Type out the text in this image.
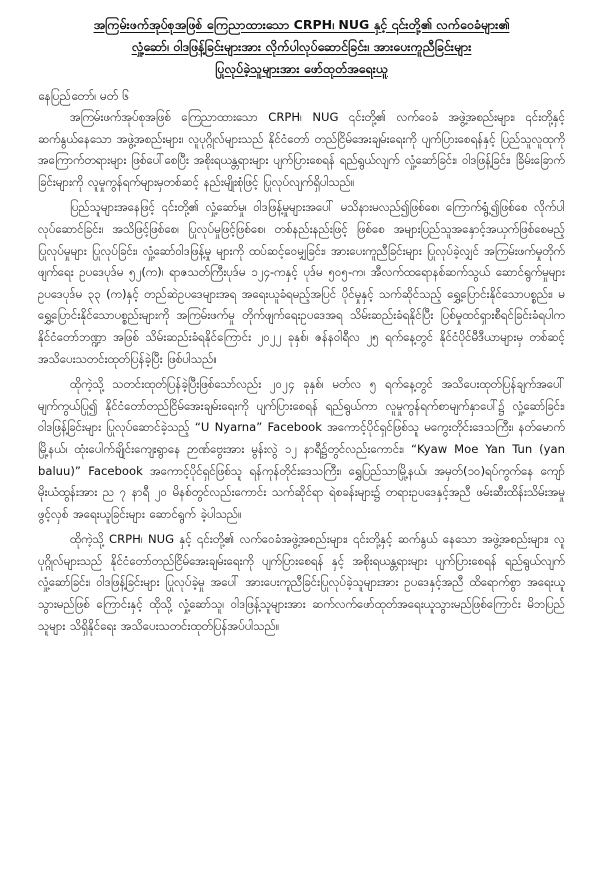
အကြမ်းဖက်အုပ်စုအဖြစ် ကြေညာထားသော CRPH၊ NUG နှင့် ၎င်းတို့၏ လက်ဝေခံများ၏
လှုံ့ဆော်၊ ဝါဒဖြန့်ခြင်းများအား လိုက်ပါလုပ်ဆောင်ခြင်း၊ အားပေးကူညီခြင်းများ
ပြုလုပ်ခဲ့သူများအား ဖော်ထုတ်အရေးယူ

နေပြည်တော်၊ မတ် ၆

အကြမ်းဖက်အုပ်စုအဖြစ် ကြေညာထားသော CRPH၊ NUG ၎င်းတို့၏ လက်ဝေခံ အဖွဲ့အစည်းများ၊ ၎င်းတို့နှင့် ဆက်နွယ်နေသော အဖွဲ့အစည်းများ၊ လူပုဂ္ဂိုလ်များသည် နိုင်ငံတော် တည်ငြိမ်အေးချမ်းရေးကို ပျက်ပြားစေရန်နှင့် ပြည်သူလူထုကို အကြောက်တရားများ ဖြစ်ပေါ်စေပြီး အစိုးရယန္တရားများ ပျက်ပြားစေရန် ရည်ရွယ်လျက် လှုံ့ဆော်ခြင်း၊ ဝါဒဖြန့်ခြင်း၊ ခြိမ်းခြောက်ခြင်းများကို လူမှုကွန်ရက်များမှတစ်ဆင့် နည်းမျိုးစုံဖြင့် ပြုလုပ်လျက်ရှိပါသည်။

ပြည်သူများအနေဖြင့် ၎င်းတို့၏ လှုံ့ဆော်မှု၊ ဝါဒဖြန့်မှုများအပေါ် မသိနားမလည်၍ဖြစ်စေ၊ ကြောက်ရွံ့၍ဖြစ်စေ လိုက်ပါလုပ်ဆောင်ခြင်း၊ အသိဖြင့်ဖြစ်စေ၊ ပြုလုပ်မှုဖြင့်ဖြစ်စေ၊ တစ်နည်းနည်းဖြင့် ဖြစ်စေ အများပြည်သူအနှောင့်အယှက်ဖြစ်စေမည့် ပြုလုပ်မှုများ ပြုလုပ်ခြင်း၊ လှုံ့ဆော်ဝါဒဖြန့်မှု များကို ထပ်ဆင့်ဝေမျှခြင်း၊ အားပေးကူညီခြင်းများ ပြုလုပ်ခဲ့လျှင် အကြမ်းဖက်မှုတိုက်ဖျက်ရေး ဥပဒေပုဒ်မ ၅၂(က)၊ ရာဇသတ်ကြီးပုဒ်မ ၁၂၄-ကနှင့် ပုဒ်မ ၅၀၅-က၊ အီလက်ထရောနစ်ဆက်သွယ် ဆောင်ရွက်မှုများဥပဒေပုဒ်မ ၃၃ (က)နှင့် တည်ဆဲဥပဒေများအရ အရေးယူခံရမည့်အပြင် ပိုင်မှုနှင့် သက်ဆိုင်သည့် ရွှေ့ပြောင်းနိုင်သောပစ္စည်း၊ မရွှေ့ပြောင်းနိုင်သောပစ္စည်းများကို အကြမ်းဖက်မှု တိုက်ဖျက်ရေးဥပဒေအရ သိမ်းဆည်းခံရနိုင်ပြီး ပြစ်မှုထင်ရှားစီရင်ခြင်းခံရပါက နိုင်ငံတော်ဘဏ္ဍာ အဖြစ် သိမ်းဆည်းခံရနိုင်ကြောင်း ၂၀၂၂ ခုနှစ်၊ ဇန်နဝါရီလ ၂၅ ရက်နေ့တွင် နိုင်ငံပိုင်မီဒီယာများမှ တစ်ဆင့် အသိပေးသတင်းထုတ်ပြန်ခဲ့ပြီး ဖြစ်ပါသည်။

ထိုကဲ့သို့ သတင်းထုတ်ပြန်ခဲ့ပြီးဖြစ်သော်လည်း ၂၀၂၄ ခုနှစ်၊ မတ်လ ၅ ရက်နေ့တွင် အသိပေးထုတ်ပြန်ချက်အပေါ် မျက်ကွယ်ပြု၍ နိုင်ငံတော်တည်ငြိမ်အေးချမ်းရေးကို ပျက်ပြားစေရန် ရည်ရွယ်ကာ လူမှုကွန်ရက်စာမျက်နှာပေါ်၌ လှုံ့ဆော်ခြင်း၊ ဝါဒဖြန့်ခြင်းများ ပြုလုပ်ဆောင်ခဲ့သည့် “U Nyarna” Facebook အကောင့်ပိုင်ရှင်ဖြစ်သူ မကွေးတိုင်းဒေသကြီး၊ နတ်မောက်မြို့နယ်၊ ထုံးပေါက်ချိုင်းကျေးရွာနေ ဉာဏ်ဗွေးအား မွန်းလွဲ ၁၂ နာရီ၌တွင်လည်းကောင်း၊ “Kyaw Moe Yan Tun (yan baluu)” Facebook အကောင့်ပိုင်ရှင်ဖြစ်သူ ရန်ကုန်တိုင်းဒေသကြီး၊ ရွှေပြည်သာမြို့နယ်၊ အမှတ်(၁၀)ရပ်ကွက်နေ ကျော်မိုးယံထွန်းအား ည ၇ နာရီ ၂၀ မိနစ်တွင်လည်းကောင်း သက်ဆိုင်ရာ ရဲစခန်းများ၌ တရားဥပဒေနှင့်အညီ ဖမ်းဆီးထိန်းသိမ်းအမှုဖွင့်လှစ် အရေးယူခြင်းများ ဆောင်ရွက် ခဲ့ပါသည်။

ထိုကဲ့သို့ CRPH၊ NUG နှင့် ၎င်းတို့၏ လက်ဝေခံအဖွဲ့အစည်းများ၊ ၎င်းတို့နှင့် ဆက်နွယ် နေသော အဖွဲ့အစည်းများ၊ လူပုဂ္ဂိုလ်များသည် နိုင်ငံတော်တည်ငြိမ်အေးချမ်းရေးကို ပျက်ပြားစေရန် နှင့် အစိုးရယန္တရားများ ပျက်ပြားစေရန် ရည်ရွယ်လျက် လှုံ့ဆော်ခြင်း၊ ဝါဒဖြန့်ခြင်းများ ပြုလုပ်ခဲ့မှု အပေါ် အားပေးကူညီခြင်းပြုလုပ်ခဲ့သူများအား ဥပဒေနှင့်အညီ ထိရောက်စွာ အရေးယူသွားမည်ဖြစ် ကြောင်းနှင့် ထိုသို့ လှုံ့ဆော်သူ၊ ဝါဒဖြန့်သူများအား ဆက်လက်ဖော်ထုတ်အရေးယူသွားမည်ဖြစ်ကြောင်း မိဘပြည်သူများ သိရှိနိုင်ရေး အသိပေးသတင်းထုတ်ပြန်အပ်ပါသည်။
